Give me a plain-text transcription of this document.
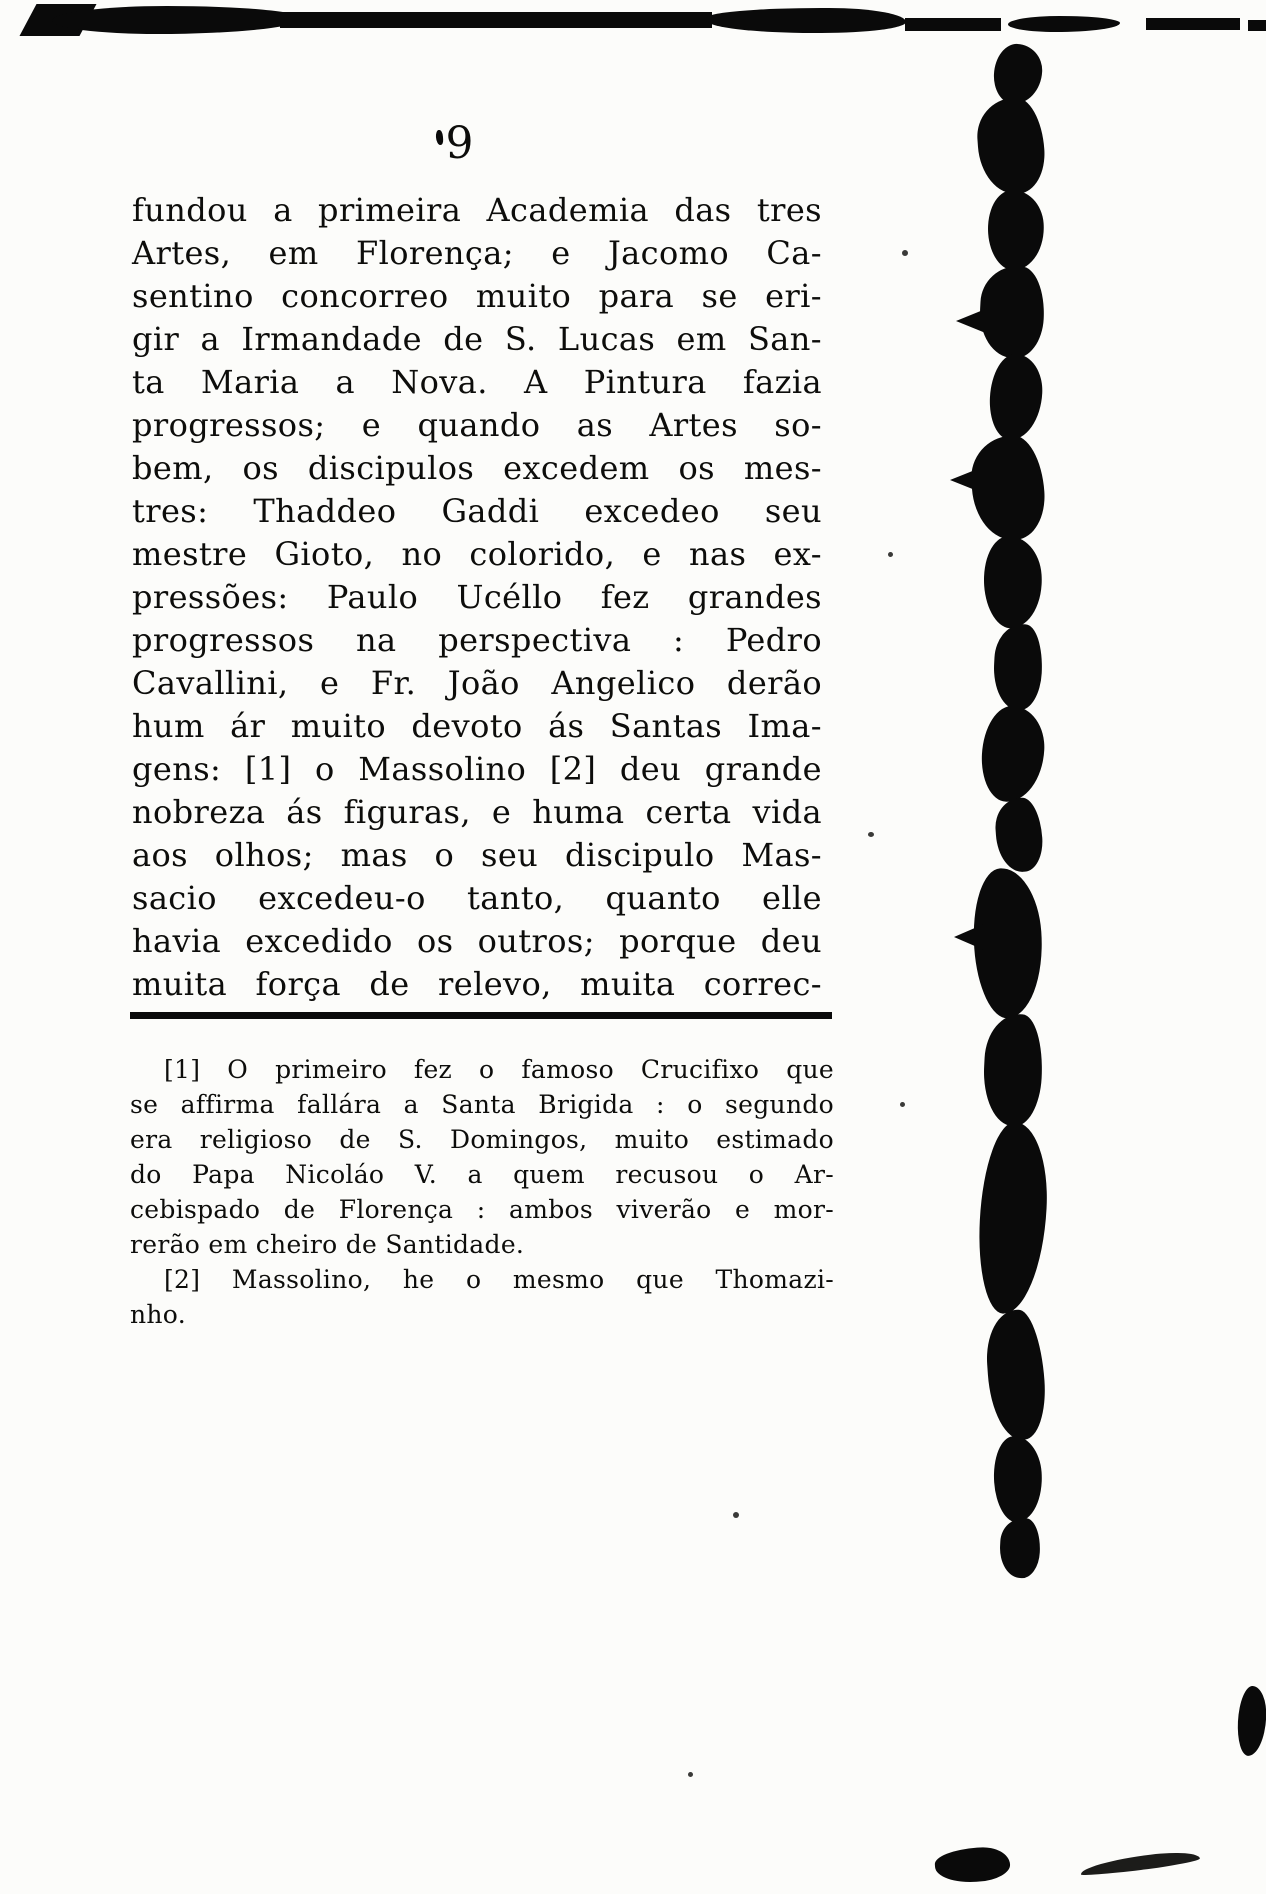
9
fundou a primeira Academia das tres
Artes, em Florença; e Jacomo Ca-
sentino concorreo muito para se eri-
gir a Irmandade de S. Lucas em San-
ta Maria a Nova. A Pintura fazia
progressos; e quando as Artes so-
bem, os discipulos excedem os mes-
tres: Thaddeo Gaddi excedeo seu
mestre Gioto, no colorido, e nas ex-
pressões: Paulo Ucéllo fez grandes
progressos na perspectiva : Pedro
Cavallini, e Fr. João Angelico derão
hum ár muito devoto ás Santas Ima-
gens: [1] o Massolino [2] deu grande
nobreza ás figuras, e huma certa vida
aos olhos; mas o seu discipulo Mas-
sacio excedeu-o tanto, quanto elle
havia excedido os outros; porque deu
muita força de relevo, muita correc-
[1] O primeiro fez o famoso Crucifixo que
se affirma fallára a Santa Brigida : o segundo
era religioso de S. Domingos, muito estimado
do Papa Nicoláo V. a quem recusou o Ar-
cebispado de Florença : ambos viverão e mor-
rerão em cheiro de Santidade.
[2] Massolino, he o mesmo que Thomazi-
nho.
